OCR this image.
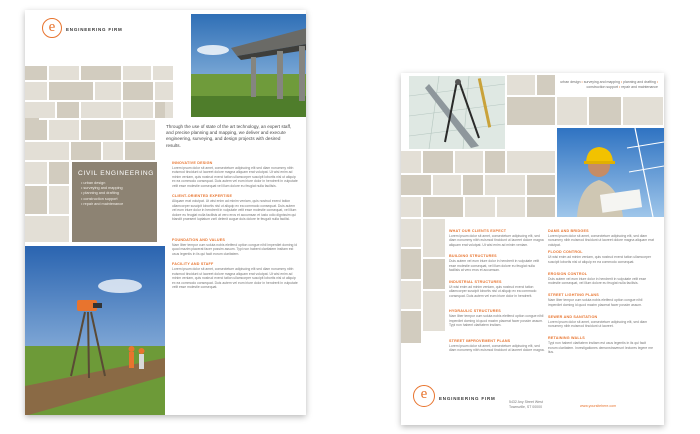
e	ENGINEERING FIRM
Through the use of state of the art technology, an expert staff, and precise planning and mapping, we deliver and execute engineering, surveying, and design projects with desired results.
CIVIL ENGINEERING
• urban design
• surveying and mapping
• planning and drafting
• construction support
• repair and maintenance
INNOVATIVE DESIGN
Lorem ipsum dolor sit amet, consectetuer adipiscing elit sed diam nonummy nibh euismod tincidunt ut laoreet dolore magna aliquam erat volutpat. Ut wisi enim ad minim veniam, quis nostrud exerci tation ullamcorper suscipit lobortis nisl ut aliquip ex ea commodo consequat. Duis autem vel eum iriure dolor in hendrerit in vulputate velit esse molestie consequat vel illum dolore eu feugiat nulla facilisis.
CLIENT-ORIENTED EXPERTISE
Aliquam erat volutpat. Ut wisi enim ad minim veniam, quis nostrud exerci tation ullamcorper suscipit lobortis nisl ut aliquip ex ea commodo consequat. Duis autem vel eum iriure dolor in hendrerit in vulputate velit esse molestie consequat, vel illum dolore eu feugiat nulla facilisis at vero eros et accumsan et iusto odio dignissim qui blandit praesent luptatum zzril delenit augue duis dolore te feugait nulla facilisi.
FOUNDATION AND VALUES
Nam liber tempor cum soluta nobis eleifend option congue nihil imperdiet doming id quod mazim placerat facer possim assum. Typi non habent claritatem insitam est usus legentis in iis qui facit eorum claritatem.
FACILITY AND STAFF
Lorem ipsum dolor sit amet, consectetuer adipiscing elit sed diam nonummy nibh euismod tincidunt ut laoreet dolore magna aliquam erat volutpat. Ut wisi enim ad minim veniam, quis nostrud exerci tation ullamcorper suscipit lobortis nisl ut aliquip ex ea commodo consequat. Duis autem vel eum iriure dolor in hendrerit in vulputate velit esse molestie consequat.
urban design • surveying and mapping • planning and drafting• construction support • repair and maintenance
WHAT OUR CLIENTS EXPECT
Lorem ipsum dolor sit amet, consectetuer adipiscing elit, sed diam nonummy nibh euismod tincidunt ut laoreet dolore magna aliquam erat volutpat. Ut wisi enim ad minim veniam.
BUILDING STRUCTURES
Duis autem vel eum iriure dolor in hendrerit in vulputate velit esse molestie consequat, vel illum dolore eu feugiat nulla facilisis at vero eros et accumsan.
INDUSTRIAL STRUCTURES
Ut wisi enim ad minim veniam, quis nostrud exerci tation ullamcorper suscipit lobortis nisl ut aliquip ex ea commodo consequat. Duis autem vel eum iriure dolor in hendrerit.
HYDRAULIC STRUCTURES
Nam liber tempor cum soluta nobis eleifend option congue nihil imperdiet doming id quod mazim placerat facer possim assum. Typi non habent claritatem insitam.
STREET IMPROVEMENT PLANS
Lorem ipsum dolor sit amet, consectetuer adipiscing elit, sed diam nonummy nibh euismod tincidunt ut laoreet dolore magna.
DAMS AND BRIDGES
Lorem ipsum dolor sit amet, consectetuer adipiscing elit, sed diam nonummy nibh euismod tincidunt ut laoreet dolore magna aliquam erat volutpat.
FLOOD CONTROL
Ut wisi enim ad minim veniam, quis nostrud exerci tation ullamcorper suscipit lobortis nisl ut aliquip ex ea commodo consequat.
EROSION CONTROL
Duis autem vel eum iriure dolor in hendrerit in vulputate velit esse molestie consequat, vel illum dolore eu feugiat nulla facilisis.
STREET LIGHTING PLANS
Nam liber tempor cum soluta nobis eleifend option congue nihil imperdiet doming id quod mazim placerat facer possim assum.
SEWER AND SANITATION
Lorem ipsum dolor sit amet, consectetuer adipiscing elit, sed diam nonummy nibh euismod tincidunt ut laoreet.
RETAINING WALLS
Typi non habent claritatem insitam est usus legentis in iis qui facit eorum claritatem. Investigationes demonstraverunt lectores legere me lius.
e	ENGINEERING FIRM
5432 Any Street West
Townsville, ST 00000	www.yoursitehere.com
